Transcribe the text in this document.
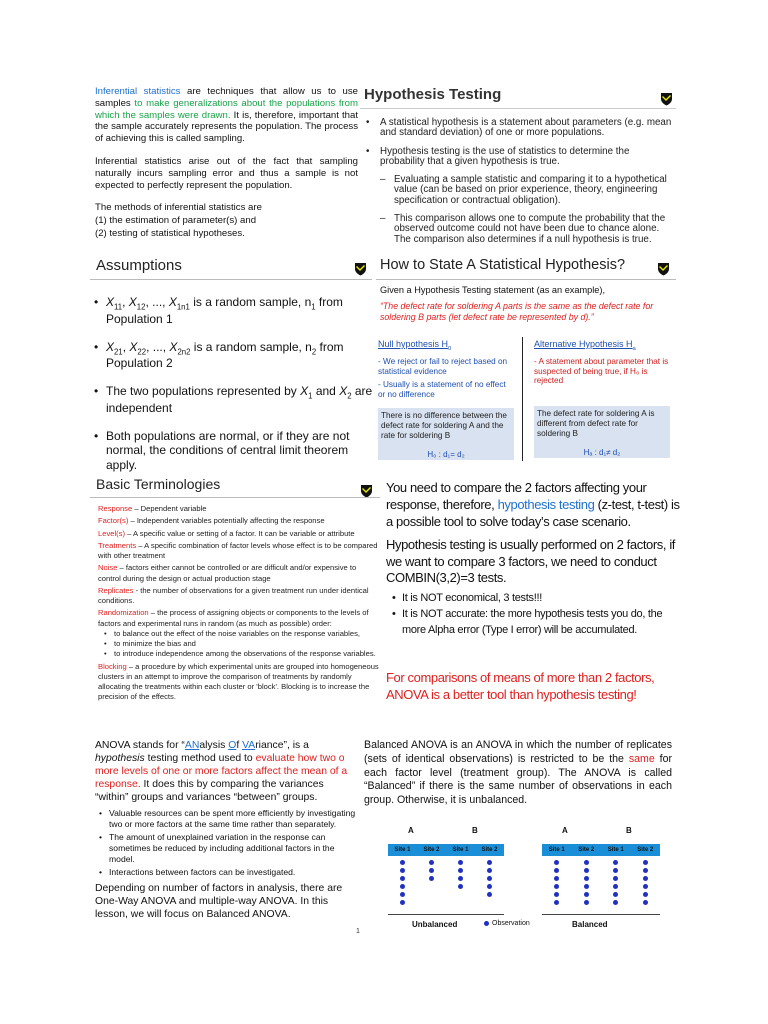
Inferential statistics are techniques that allow us to use samples to make generalizations about the populations from which the samples were drawn. It is, therefore, important that the sample accurately represents the population. The process of achieving this is called sampling.

Inferential statistics arise out of the fact that sampling naturally incurs sampling error and thus a sample is not expected to perfectly represent the population.

The methods of inferential statistics are

(1) the estimation of parameter(s) and

(2) testing of statistical hypotheses.

Hypothesis Testing
•	A statistical hypothesis is a statement about parameters (e.g. mean and standard deviation) of one or more populations.
•	Hypothesis testing is the use of statistics to determine the probability that a given hypothesis is true.
– Evaluating a sample statistic and comparing it to a hypothetical value (can be based on prior experience, theory, engineering specification or contractual obligation).
– This comparison allows one to compute the probability that the observed outcome could not have been due to chance alone. The comparison also determines if a null hypothesis is true.
Assumptions
• $X_{11}$, $X_{12}$, ..., $X_{1n1}$ is a random sample, $n_1$ from Population 1
• $X_{21}$, $X_{22}$, ..., $X_{2n2}$ is a random sample, $n_2$ from Population 2
• The two populations represented by $X_1$ and $X_2$ are independent
• Both populations are normal, or if they are not normal, the conditions of central limit theorem apply.
How to State A Statistical Hypothesis?
Given a Hypothesis Testing statement (as an example),
“The defect rate for soldering A parts is the same as the defect rate for soldering B parts (let defect rate be represented by d).”
Null hypothesis $H_0$
- We reject or fail to reject based on statistical evidence
- Usually is a statement of no effect or no difference
There is no difference between the defect rate for soldering A and the rate for soldering B
H₀ : d₁= d₂
Alternative Hypothesis $H_a$
- A statement about parameter that is suspected of being true, if H₀ is rejected
The defect rate for soldering A is different from defect rate for soldering B
Hₐ : d₁≠ d₂
Basic Terminologies
Response – Dependent variable
Factor(s) – Independent variables potentially affecting the response
Level(s) – A specific value or setting of a factor. It can be variable or attribute
Treatments – A specific combination of factor levels whose effect is to be compared with other treatment
Noise – factors either cannot be controlled or are difficult and/or expensive to control during the design or actual production stage
Replicates - the number of observations for a given treatment run under identical conditions.
Randomization – the process of assigning objects or components to the levels of factors and experimental runs in random (as much as possible) order:
• to balance out the effect of the noise variables on the response variables,
• to minimize the bias and
• to introduce independence among the observations of the response variables.
Blocking – a procedure by which experimental units are grouped into homogeneous clusters in an attempt to improve the comparison of treatments by randomly allocating the treatments within each cluster or 'block'. Blocking is to increase the precision of the effects.

You need to compare the 2 factors affecting your response, therefore, hypothesis testing (z-test, t-test) is a possible tool to solve today’s case scenario.

Hypothesis testing is usually performed on 2 factors, if we want to compare 3 factors, we need to conduct COMBIN(3,2)=3 tests.

• It is NOT economical, 3 tests!!!
• It is NOT accurate: the more hypothesis tests you do, the more Alpha error (Type I error) will be accumulated.

For comparisons of means of more than 2 factors, ANOVA is a better tool than hypothesis testing!

ANOVA stands for “ANalysis Of VAriance”, is a
hypothesis testing method used to evaluate how two o
more levels of one or more factors affect the mean of a
response. It does this by comparing the variances
“within” groups and variances “between” groups.
• Valuable resources can be spent more efficiently by investigating two or more factors at the same time rather than separately.
• The amount of unexplained variation in the response can sometimes be reduced by including additional factors in the model.
• Interactions between factors can be investigated.

Depending on number of factors in analysis, there are One-Way ANOVA and multiple-way ANOVA. In this lesson, we will focus on Balanced ANOVA.

1

Balanced ANOVA is an ANOVA in which the number of replicates (sets of identical observations) is restricted to be the same for each factor level (treatment group). The ANOVA is called “Balanced” if there is the same number of observations in each group. Otherwise, it is unbalanced.

A	B
Site 1	Site 2	Site 1	Site 2
Unbalanced	Observation
A	B
Site 1	Site 2	Site 1	Site 2
Balanced
